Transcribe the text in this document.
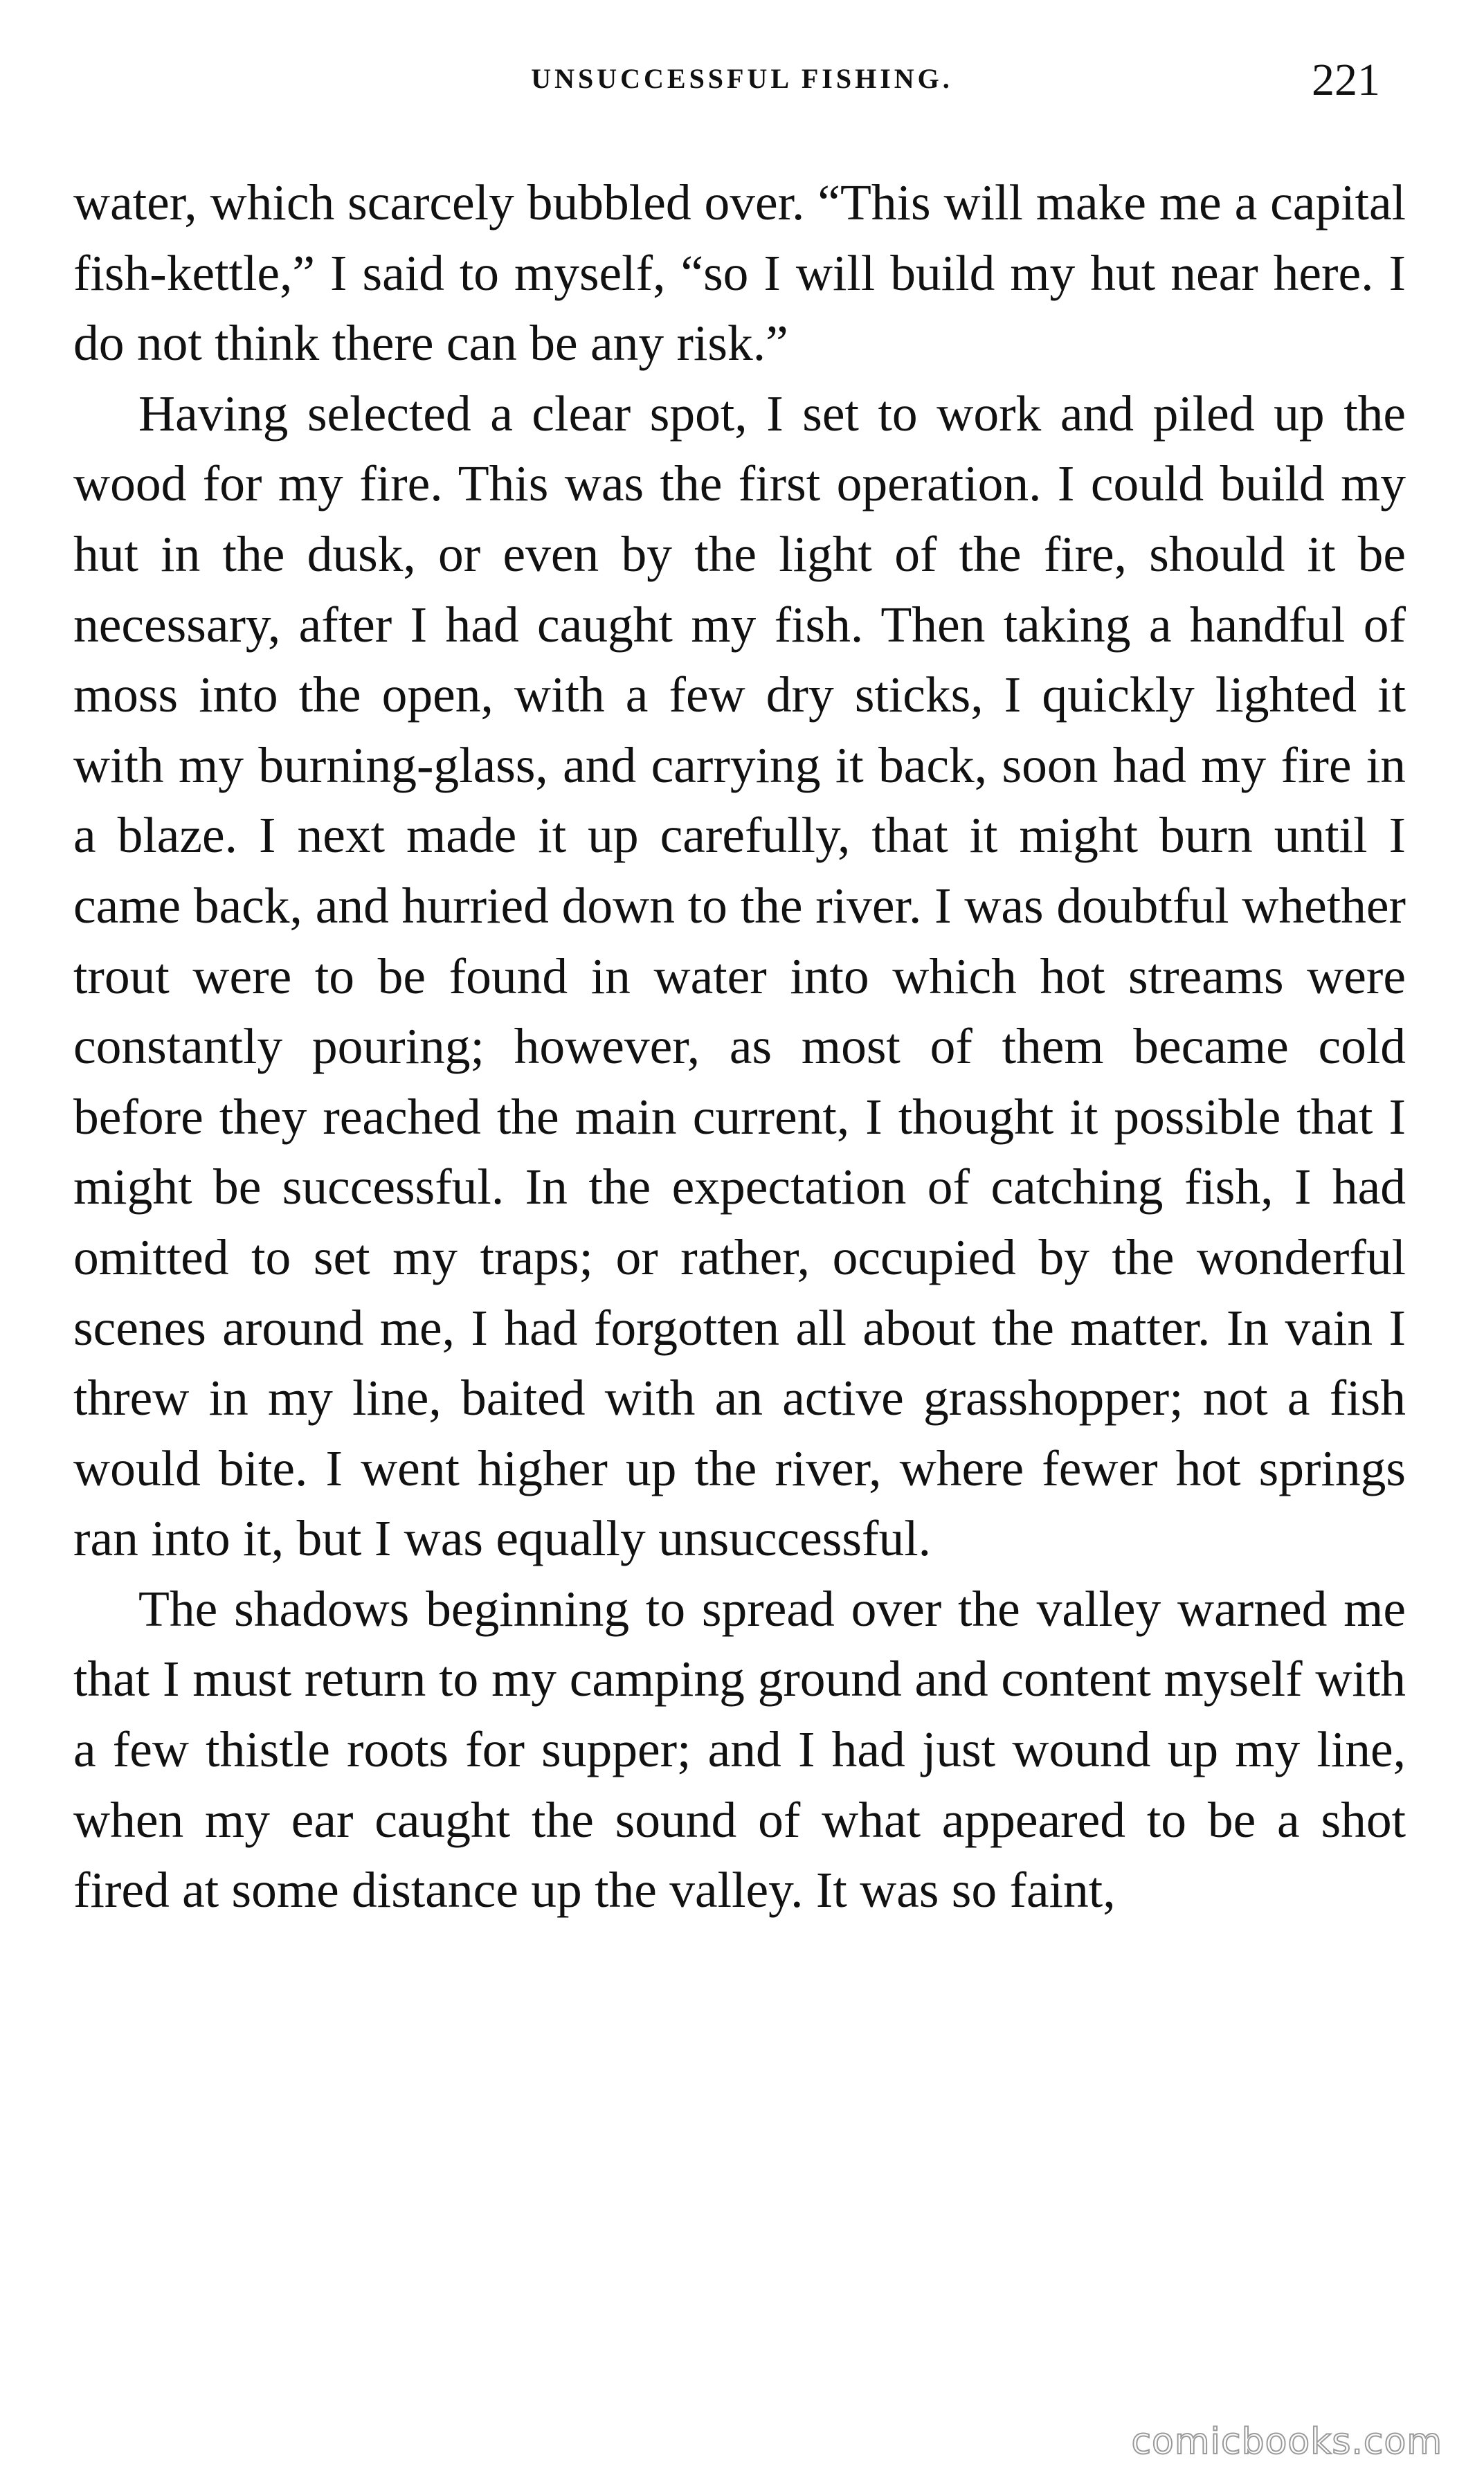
UNSUCCESSFUL FISHING.	221

water, which scarcely bubbled over. “This will make me a capital fish-kettle,” I said to myself, “so I will build my hut near here. I do not think there can be any risk.”

Having selected a clear spot, I set to work and piled up the wood for my fire. This was the first operation. I could build my hut in the dusk, or even by the light of the fire, should it be necessary, after I had caught my fish. Then taking a handful of moss into the open, with a few dry sticks, I quickly lighted it with my burning-glass, and carrying it back, soon had my fire in a blaze. I next made it up carefully, that it might burn until I came back, and hurried down to the river. I was doubtful whether trout were to be found in water into which hot streams were constantly pouring; however, as most of them became cold before they reached the main current, I thought it possible that I might be successful. In the expectation of catching fish, I had omitted to set my traps; or rather, occupied by the wonderful scenes around me, I had forgotten all about the matter. In vain I threw in my line, baited with an active grasshopper; not a fish would bite. I went higher up the river, where fewer hot springs ran into it, but I was equally unsuccessful.

The shadows beginning to spread over the valley warned me that I must return to my camping ground and content myself with a few thistle roots for supper; and I had just wound up my line, when my ear caught the sound of what appeared to be a shot fired at some distance up the valley. It was so faint,

comicbooks.com
